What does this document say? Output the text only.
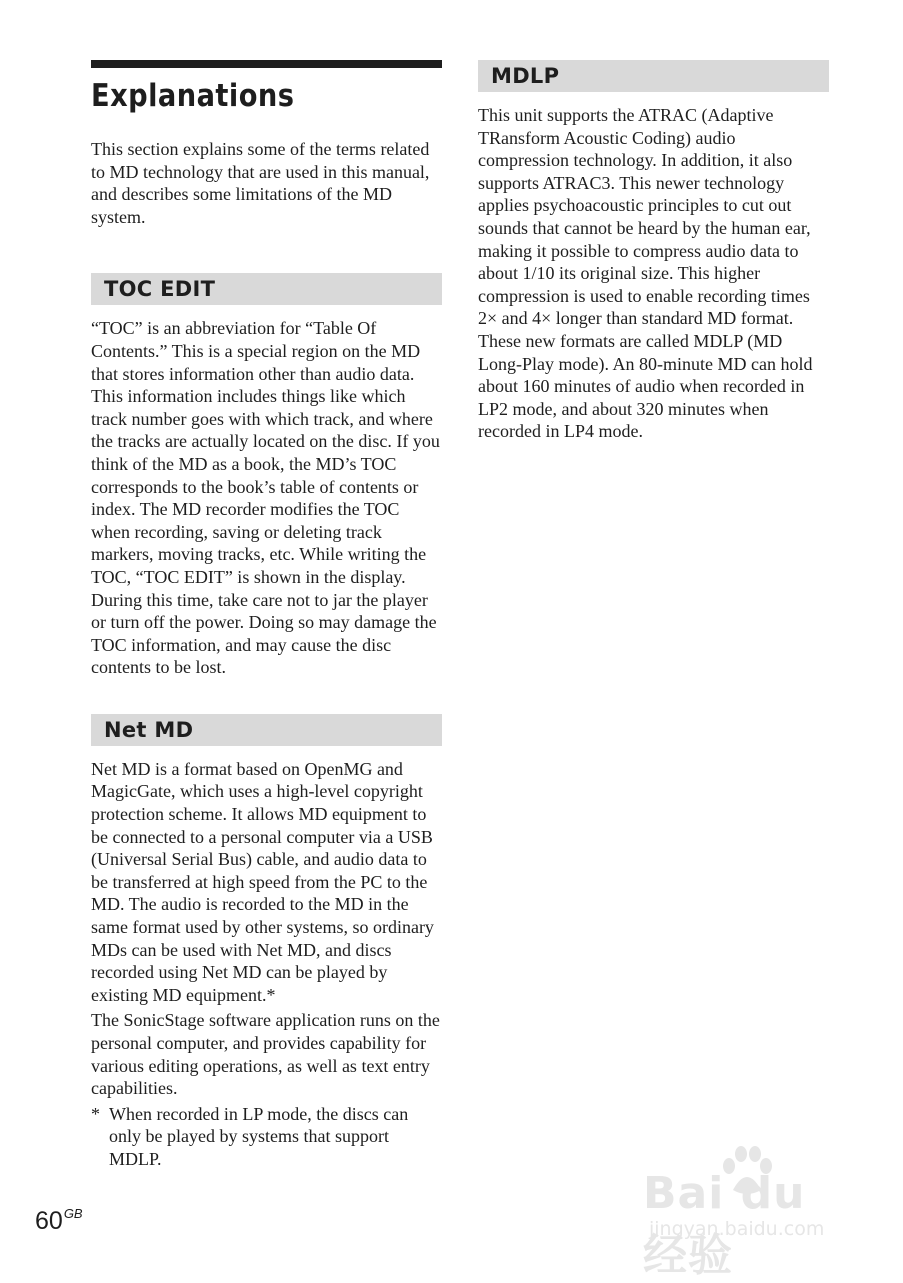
Explanations

This section explains some of the terms related to MD technology that are used in this manual, and describes some limitations of the MD system.

TOC EDIT

“TOC” is an abbreviation for “Table Of Contents.” This is a special region on the MD that stores information other than audio data. This information includes things like which track number goes with which track, and where the tracks are actually located on the disc. If you think of the MD as a book, the MD’s TOC corresponds to the book’s table of contents or index. The MD recorder modifies the TOC when recording, saving or deleting track markers, moving tracks, etc. While writing the TOC, “TOC EDIT” is shown in the display. During this time, take care not to jar the player or turn off the power. Doing so may damage the TOC information, and may cause the disc contents to be lost.

Net MD

Net MD is a format based on OpenMG and MagicGate, which uses a high-level copyright protection scheme. It allows MD equipment to be connected to a personal computer via a USB (Universal Serial Bus) cable, and audio data to be transferred at high speed from the PC to the MD. The audio is recorded to the MD in the same format used by other systems, so ordinary MDs can be used with Net MD, and discs recorded using Net MD can be played by existing MD equipment.*

The SonicStage software application runs on the personal computer, and provides capability for various editing operations, as well as text entry capabilities.

* When recorded in LP mode, the discs can only be played by systems that support MDLP.
MDLP

This unit supports the ATRAC (Adaptive TRansform Acoustic Coding) audio compression technology. In addition, it also supports ATRAC3. This newer technology applies psychoacoustic principles to cut out sounds that cannot be heard by the human ear, making it possible to compress audio data to about 1/10 its original size. This higher compression is used to enable recording times 2× and 4× longer than standard MD format. These new formats are called MDLP (MD Long-Play mode). An 80-minute MD can hold about 160 minutes of audio when recorded in LP2 mode, and about 320 minutes when recorded in LP4 mode.

$60^{GB}$	Bai du 经验
jingyan.baidu.com
